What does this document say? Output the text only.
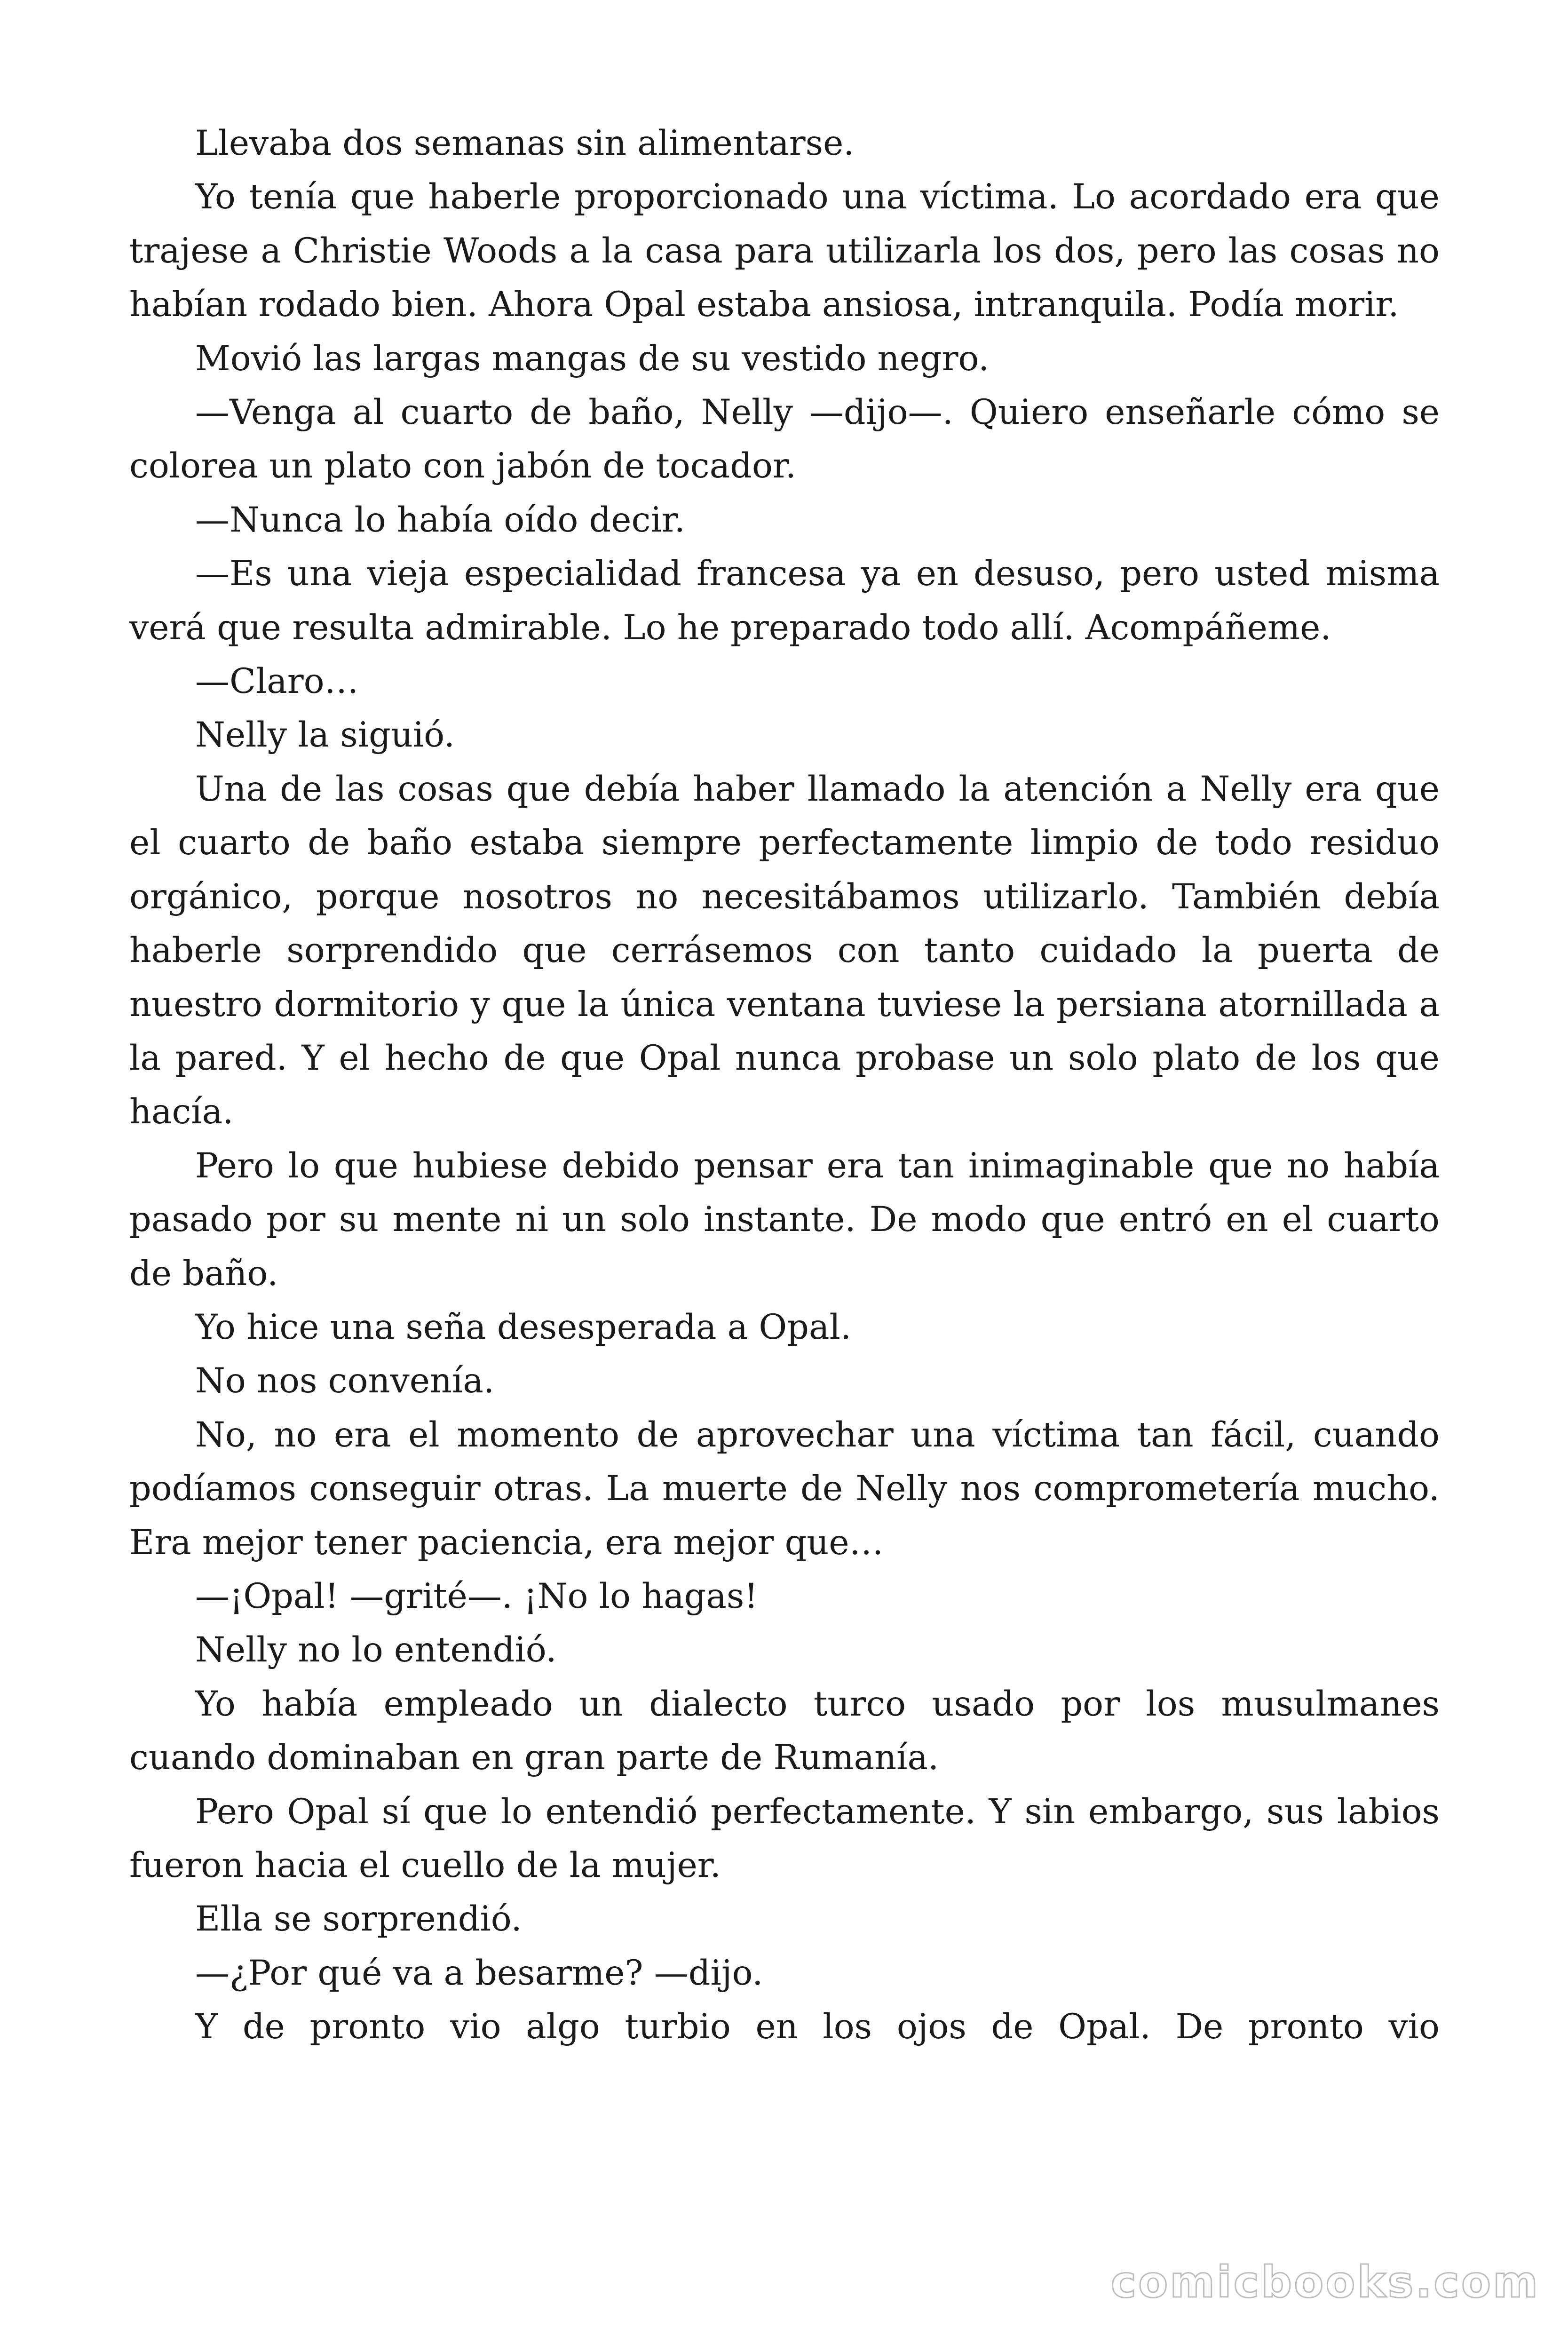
Llevaba dos semanas sin alimentarse.

Yo tenía que haberle proporcionado una víctima. Lo acordado era que trajese a Christie Woods a la casa para utilizarla los dos, pero las cosas no habían rodado bien. Ahora Opal estaba ansiosa, intranquila. Podía morir.

Movió las largas mangas de su vestido negro.

—Venga al cuarto de baño, Nelly —dijo—. Quiero enseñarle cómo se colorea un plato con jabón de tocador.

—Nunca lo había oído decir.

—Es una vieja especialidad francesa ya en desuso, pero usted misma verá que resulta admirable. Lo he preparado todo allí. Acompáñeme.

—Claro…

Nelly la siguió.

Una de las cosas que debía haber llamado la atención a Nelly era que el cuarto de baño estaba siempre perfectamente limpio de todo residuo orgánico, porque nosotros no necesitábamos utilizarlo. También debía haberle sorprendido que cerrásemos con tanto cuidado la puerta de nuestro dormitorio y que la única ventana tuviese la persiana atornillada a la pared. Y el hecho de que Opal nunca probase un solo plato de los que hacía.

Pero lo que hubiese debido pensar era tan inimaginable que no había pasado por su mente ni un solo instante. De modo que entró en el cuarto de baño.

Yo hice una seña desesperada a Opal.

No nos convenía.

No, no era el momento de aprovechar una víctima tan fácil, cuando podíamos conseguir otras. La muerte de Nelly nos comprometería mucho. Era mejor tener paciencia, era mejor que…

—¡Opal! —grité—. ¡No lo hagas!

Nelly no lo entendió.

Yo había empleado un dialecto turco usado por los musulmanes cuando dominaban en gran parte de Rumanía.

Pero Opal sí que lo entendió perfectamente. Y sin embargo, sus labios fueron hacia el cuello de la mujer.

Ella se sorprendió.

—¿Por qué va a besarme? —dijo.

Y de pronto vio algo turbio en los ojos de Opal. De pronto vio

comicbooks.com
